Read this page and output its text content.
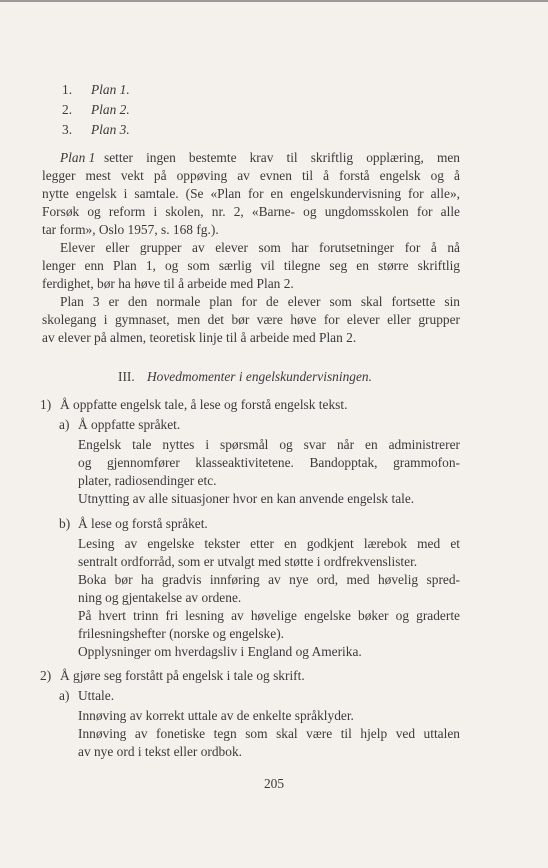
1. Plan 1.
2. Plan 2.
3. Plan 3.
Plan 1 setter ingen bestemte krav til skriftlig opplæring, men
legger mest vekt på oppøving av evnen til å forstå engelsk og å
nytte engelsk i samtale. (Se «Plan for en engelskundervisning for alle»,
Forsøk og reform i skolen, nr. 2, «Barne- og ungdomsskolen for alle
tar form», Oslo 1957, s. 168 fg.).
Elever eller grupper av elever som har forutsetninger for å nå
lenger enn Plan 1, og som særlig vil tilegne seg en større skriftlig
ferdighet, bør ha høve til å arbeide med Plan 2.
Plan 3 er den normale plan for de elever som skal fortsette sin
skolegang i gymnaset, men det bør være høve for elever eller grupper
av elever på almen, teoretisk linje til å arbeide med Plan 2.
III. Hovedmomenter i engelskundervisningen.
1) Å oppfatte engelsk tale, å lese og forstå engelsk tekst.
a) Å oppfatte språket.
Engelsk tale nyttes i spørsmål og svar når en administrerer
og gjennomfører klasseaktivitetene. Bandopptak, grammofon-
plater, radiosendinger etc.
Utnytting av alle situasjoner hvor en kan anvende engelsk tale.
b) Å lese og forstå språket.
Lesing av engelske tekster etter en godkjent lærebok med et
sentralt ordforråd, som er utvalgt med støtte i ordfrekvenslister.
Boka bør ha gradvis innføring av nye ord, med høvelig spred-
ning og gjentakelse av ordene.
På hvert trinn fri lesning av høvelige engelske bøker og graderte
frilesningshefter (norske og engelske).
Opplysninger om hverdagsliv i England og Amerika.
2) Å gjøre seg forstått på engelsk i tale og skrift.
a) Uttale.
Innøving av korrekt uttale av de enkelte språklyder.
Innøving av fonetiske tegn som skal være til hjelp ved uttalen
av nye ord i tekst eller ordbok.
205
